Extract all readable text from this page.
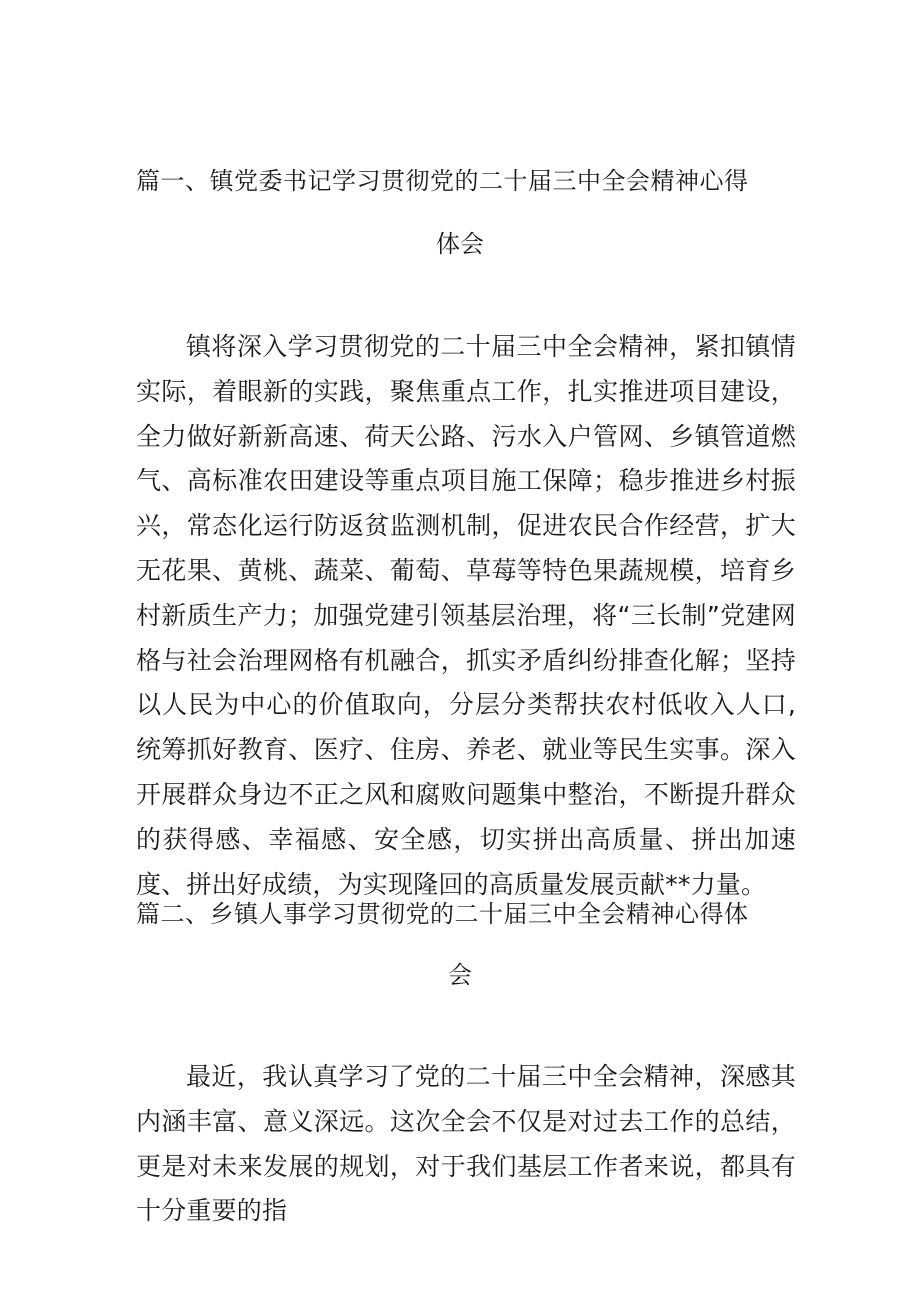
篇一、镇党委书记学习贯彻党的二十届三中全会精神心得
体会
镇将深入学习贯彻党的二十届三中全会精神，紧扣镇情实际，着眼新的实践，聚焦重点工作，扎实推进项目建设，全力做好新新高速、荷天公路、污水入户管网、乡镇管道燃气、高标准农田建设等重点项目施工保障；稳步推进乡村振兴，常态化运行防返贫监测机制，促进农民合作经营，扩大无花果、黄桃、蔬菜、葡萄、草莓等特色果蔬规模，培育乡村新质生产力；加强党建引领基层治理，将“三长制”党建网格与社会治理网格有机融合，抓实矛盾纠纷排查化解；坚持以人民为中心的价值取向，分层分类帮扶农村低收入人口,统筹抓好教育、医疗、住房、养老、就业等民生实事。深入开展群众身边不正之风和腐败问题集中整治，不断提升群众的获得感、幸福感、安全感，切实拼出高质量、拼出加速度、拼出好成绩，为实现隆回的高质量发展贡献**力量。
篇二、乡镇人事学习贯彻党的二十届三中全会精神心得体
会
最近，我认真学习了党的二十届三中全会精神，深感其内涵丰富、意义深远。这次全会不仅是对过去工作的总结，更是对未来发展的规划，对于我们基层工作者来说，都具有十分重要的指
